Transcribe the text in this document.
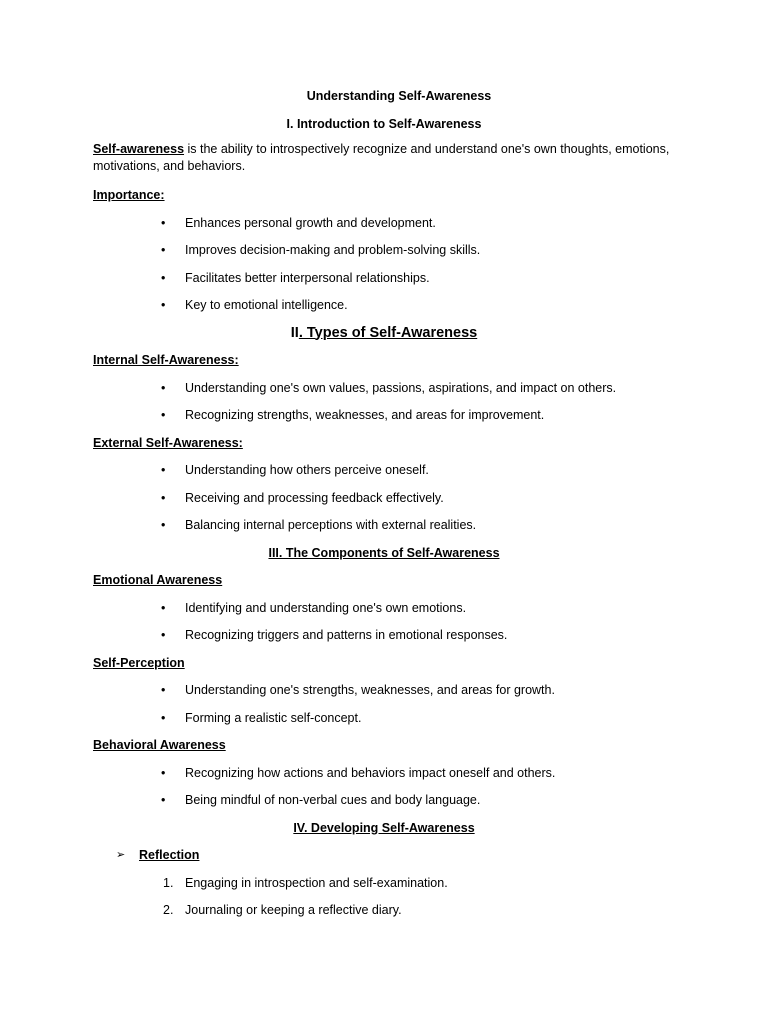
Understanding Self-Awareness
I. Introduction to Self-Awareness
Self-awareness is the ability to introspectively recognize and understand one's own thoughts, emotions, motivations, and behaviors.
Importance:
• Enhances personal growth and development.
• Improves decision-making and problem-solving skills.
• Facilitates better interpersonal relationships.
• Key to emotional intelligence.
II. Types of Self-Awareness
Internal Self-Awareness:
• Understanding one's own values, passions, aspirations, and impact on others.
• Recognizing strengths, weaknesses, and areas for improvement.
External Self-Awareness:
• Understanding how others perceive oneself.
• Receiving and processing feedback effectively.
• Balancing internal perceptions with external realities.
III. The Components of Self-Awareness
Emotional Awareness
• Identifying and understanding one's own emotions.
• Recognizing triggers and patterns in emotional responses.
Self-Perception
• Understanding one's strengths, weaknesses, and areas for growth.
• Forming a realistic self-concept.
Behavioral Awareness
• Recognizing how actions and behaviors impact oneself and others.
• Being mindful of non-verbal cues and body language.
IV. Developing Self-Awareness
➢ Reflection
1. Engaging in introspection and self-examination.
2. Journaling or keeping a reflective diary.
